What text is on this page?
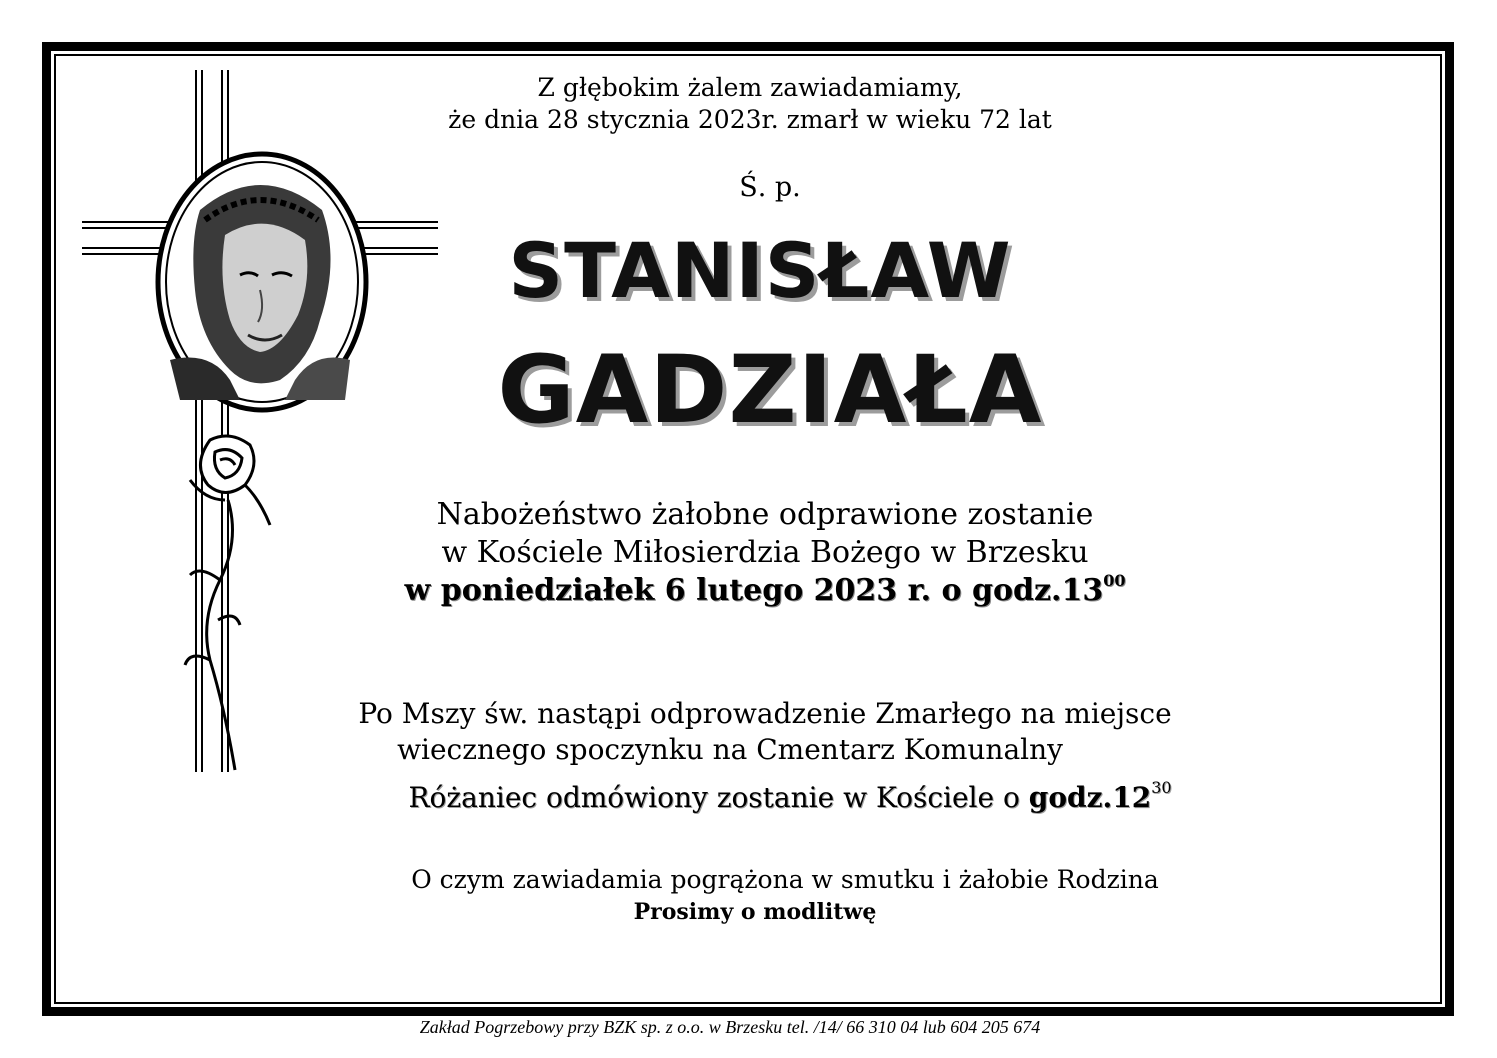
Z głębokim żalem zawiadamiamy,
że dnia 28 stycznia 2023r. zmarł w wieku 72 lat
Ś. p.
STANISŁAW
GADZIAŁA
Nabożeństwo żałobne odprawione zostanie
w Kościele Miłosierdzia Bożego w Brzesku
w poniedziałek 6 lutego 2023 r. o $godz.13^{00}$
Po Mszy św. nastąpi odprowadzenie Zmarłego na miejsce
wiecznego spoczynku na Cmentarz Komunalny
Różaniec odmówiony zostanie w Kościele o $godz.12^{30}$
O czym zawiadamia pogrążona w smutku i żałobie Rodzina
Prosimy o modlitwę
Zakład Pogrzebowy przy BZK sp. z o.o. w Brzesku tel. /14/ 66 310 04 lub 604 205 674
